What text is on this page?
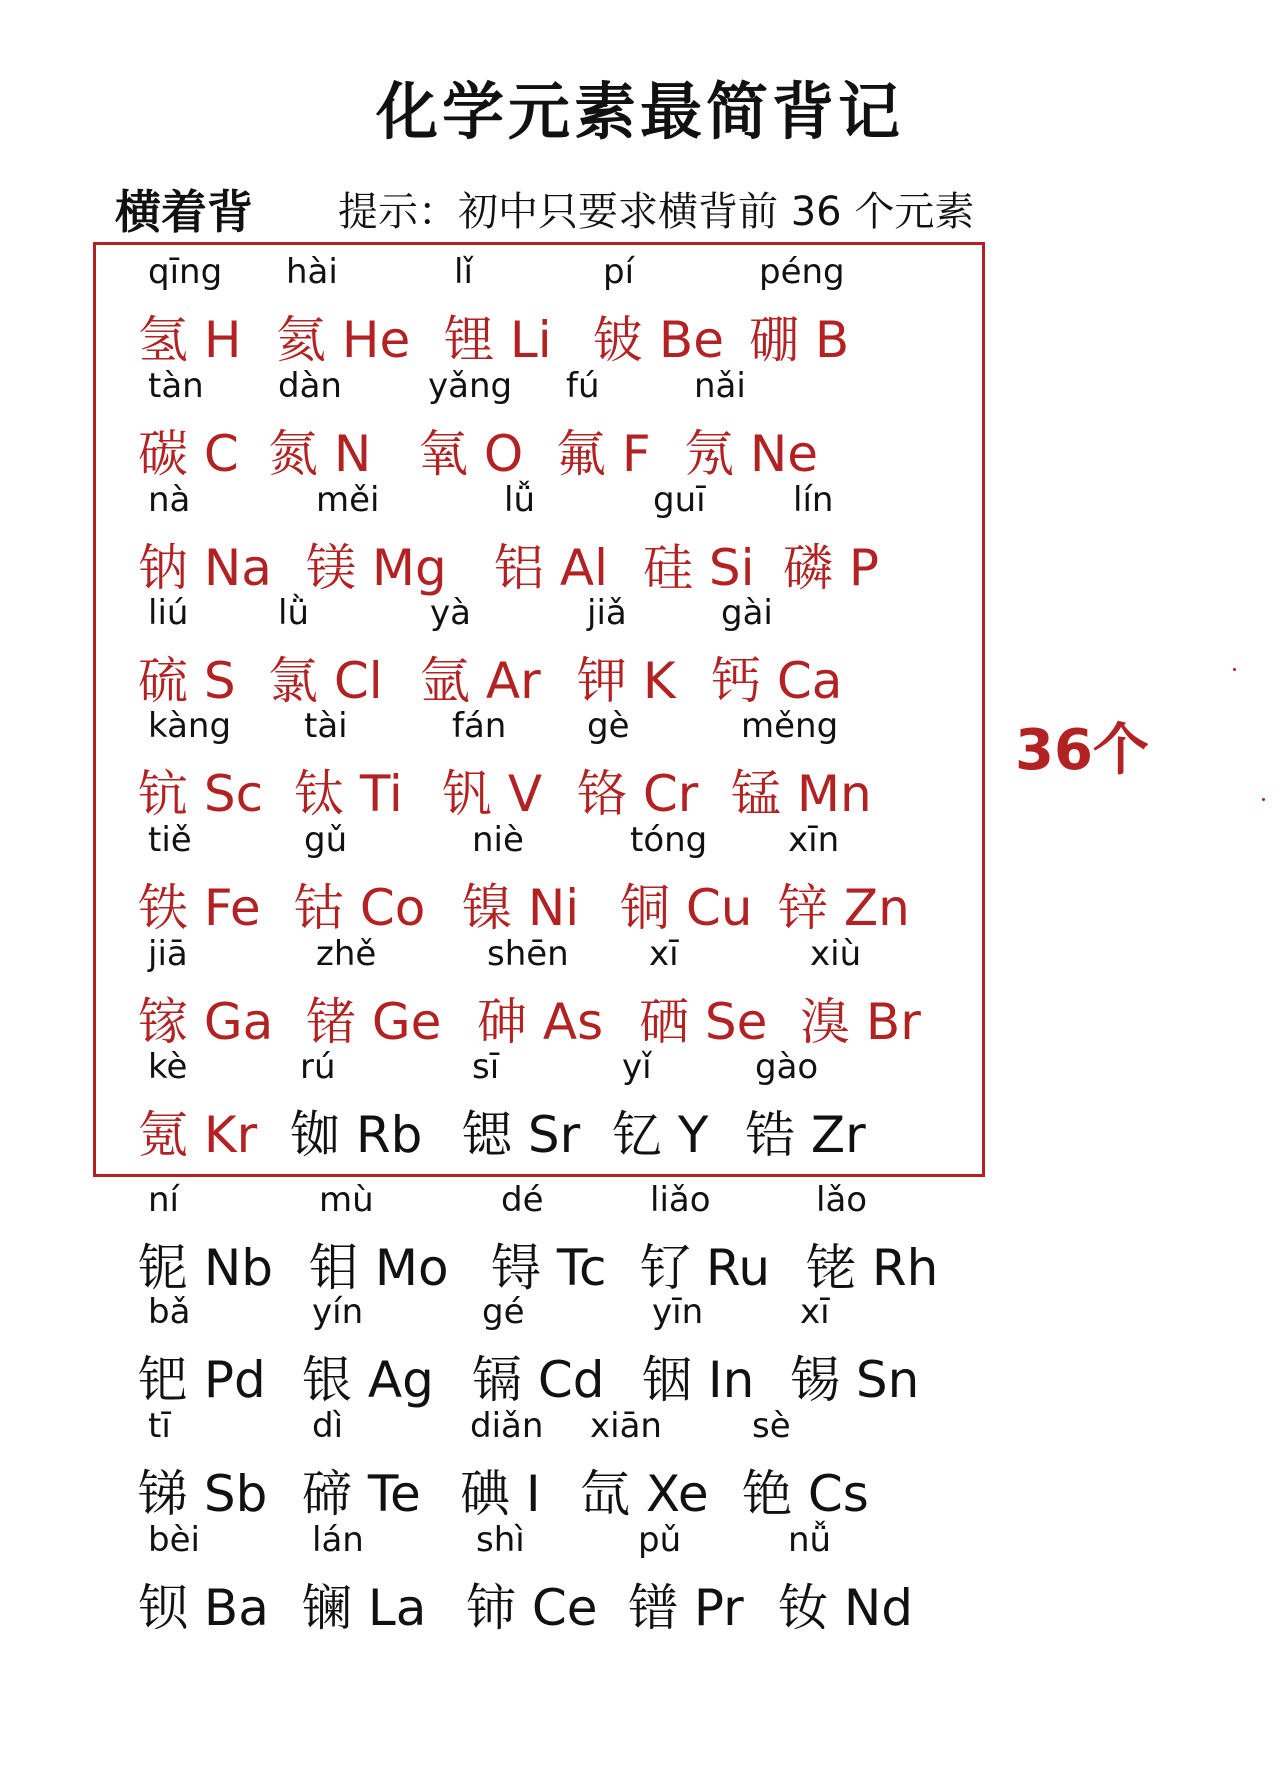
化学元素最简背记
横着背 提示：初中只要求横背前 36 个元素
qīng
氢 H
hài
氦 He
lǐ
锂 Li
pí
铍 Be
péng
硼 B
tàn
碳 C
dàn
氮 N
yǎng
氧 O
fú
氟 F
nǎi
氖 Ne
nà
钠 Na
měi
镁 Mg
lǚ
铝 Al
guī
硅 Si
lín
磷 P
liú
硫 S
lǜ
氯 Cl
yà
氩 Ar
jiǎ
钾 K
gài
钙 Ca
kàng
钪 Sc
tài
钛 Ti
fán
钒 V
gè
铬 Cr
měng
锰 Mn
tiě
铁 Fe
gǔ
钴 Co
niè
镍 Ni
tóng
铜 Cu
xīn
锌 Zn
jiā
镓 Ga
zhě
锗 Ge
shēn
砷 As
xī
硒 Se
xiù
溴 Br
kè
氪 Kr
rú
铷 Rb
sī
锶 Sr
yǐ
钇 Y
gào
锆 Zr
ní
铌 Nb
mù
钼 Mo
dé
锝 Tc
liǎo
钌 Ru
lǎo
铑 Rh
bǎ
钯 Pd
yín
银 Ag
gé
镉 Cd
yīn
铟 In
xī
锡 Sn
tī
锑 Sb
dì
碲 Te
diǎn
碘 I
xiān
氙 Xe
sè
铯 Cs
bèi
钡 Ba
lán
镧 La
shì
铈 Ce
pǔ
镨 Pr
nǚ
钕 Nd
36个
